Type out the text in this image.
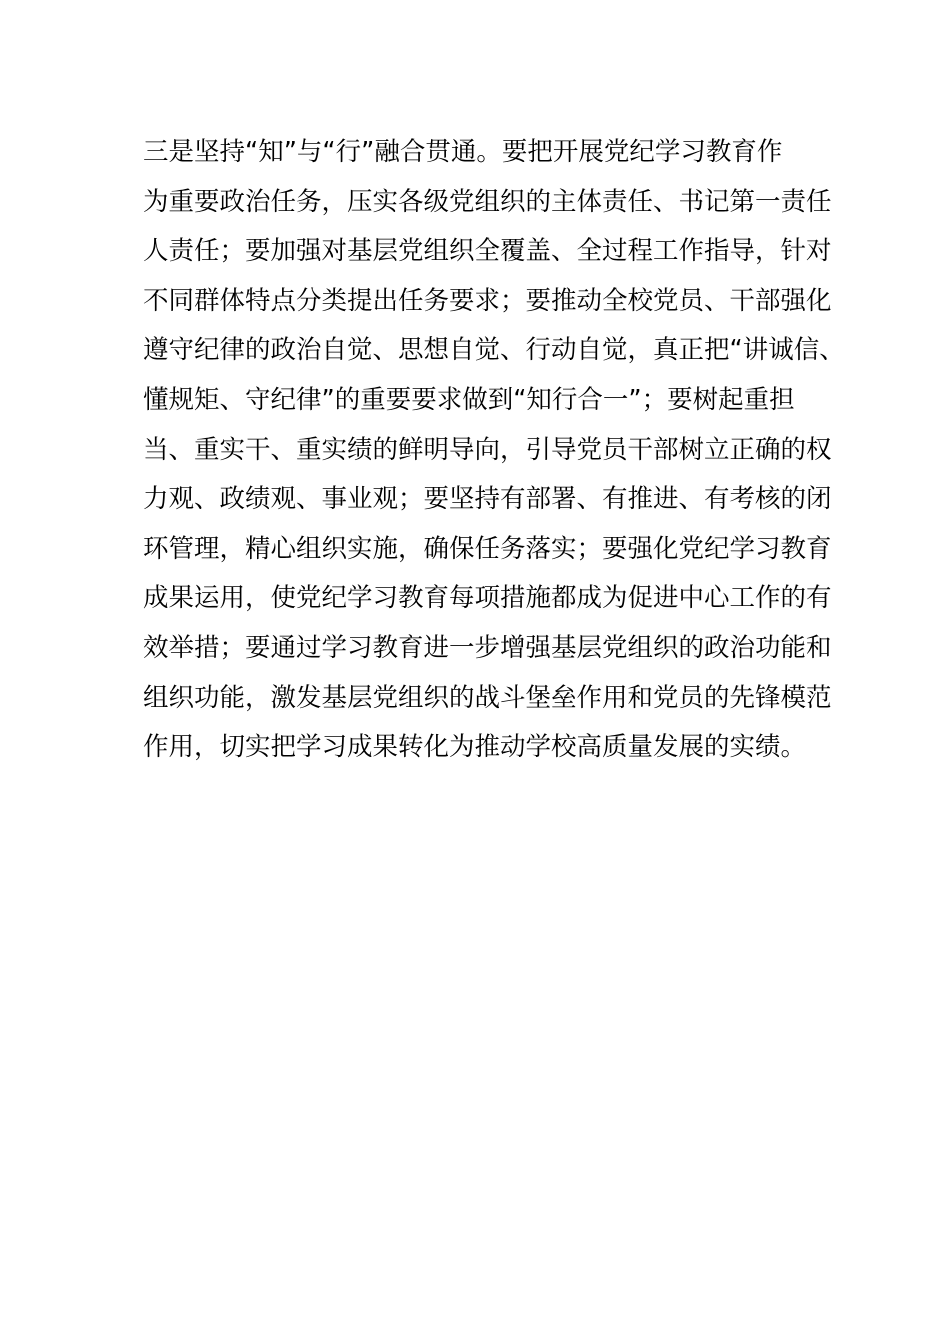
三是坚持“知”与“行”融合贯通。要把开展党纪学习教育作
为重要政治任务，压实各级党组织的主体责任、书记第一责任
人责任；要加强对基层党组织全覆盖、全过程工作指导，针对
不同群体特点分类提出任务要求；要推动全校党员、干部强化
遵守纪律的政治自觉、思想自觉、行动自觉，真正把“讲诚信、
懂规矩、守纪律”的重要要求做到“知行合一”；要树起重担
当、重实干、重实绩的鲜明导向，引导党员干部树立正确的权
力观、政绩观、事业观；要坚持有部署、有推进、有考核的闭
环管理，精心组织实施，确保任务落实；要强化党纪学习教育
成果运用，使党纪学习教育每项措施都成为促进中心工作的有
效举措；要通过学习教育进一步增强基层党组织的政治功能和
组织功能，激发基层党组织的战斗堡垒作用和党员的先锋模范
作用，切实把学习成果转化为推动学校高质量发展的实绩。
